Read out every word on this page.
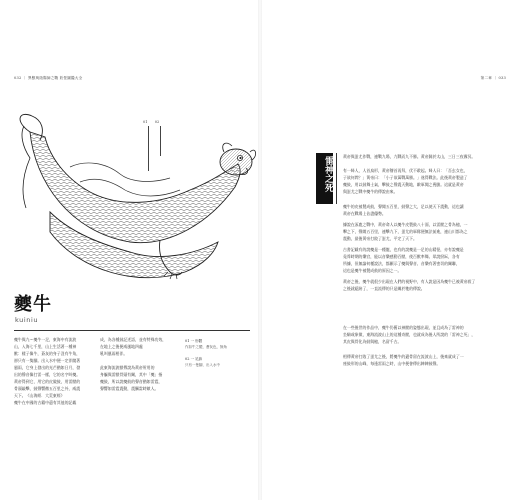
032 ｜ 異獸與陰陽師之戰 妖怪圖鑑大全
01 02
夔牛
kuiniu
夔牛與九～夔牛一足，東海中有流波
山，入海七千里，山上生活著一種神
獸：樣子像牛，蒼灰的身子沒有牛角，
卻只有一隻腳。出入水中便一定伴隨著
風雨，它身上發出的光芒猶如日月，發
出的聲音像打雷一樣，它的名字叫夔。
黃帝得到它，用它的皮做鼓，用雷獸的
骨頭敲擊，鼓聲響徹五百里之外，威震
天下。《山海經．大荒東經》
夔牛在中國的古籍中還有其他的記載
成，為各種鼓記述語，並有特殊功效，
在地上之後便威風地四處
吼叫風雨相伴。
此東海流波獸傳說為黃帝所用的
身軀與雷獸骨頭有關，其中「夔」指
夔鼓，所以說夔鼓的聲音猶如雷霆，
聲響如雷霆震動，震懾當時敵人。
01 一 形體
作如牛之體，蒼灰色，無角
02 一 足跡
只有一隻腳，出入水中
第二章 ｜ 033
雷神之死	黃帝與蚩尤作戰，連戰九場，九戰而九不勝。黃帝歸於太山，三日三夜霧冥。
有一婦人，人首鳥形，黃帝稽首再拜，伏不敢起。婦人曰：「吾玄女也，
子欲何問？」黃帝曰：「小子欲萬戰萬勝。」遂得戰法。此後黃帝製造了
夔鼓，用以鼓舞士氣，擊鼓之聲震天動地，敵軍聞之喪膽。這就是黃帝
與蚩尤之戰中夔牛的傳說由來。
夔牛的皮被製成鼓，聲聞五百里，鼓聲之大，足以使天下震動，這也讓
黃帝在戰場上佔盡優勢。
據說在涿鹿之戰中，黃帝命人以夔牛皮製鼓八十面，以雷獸之骨為槌，一
擊之下，聲聞五百里，連擊九下，蚩尤的軍隊便無法前進，連山川都為之
震動，最後黃帝打敗了蚩尤，平定了天下。
古書記載有的說夔是一種龍，也有的說夔是一足的山精怪，亦有說夔是
堯舜時期的樂官，能以音樂感動百獸，使百獸率舞。眾說紛紜，各有
所據，但無論何種說法，都顯示了夔與聲音、音樂有著密切的關聯，
這也是夔牛被製成鼓的原因之一。
黃帝之後，夔牛就很少出現在人們的視野中，有人說是因為夔牛已被黃帝殺了
之後就絕跡了，一直流傳的只是關於牠的傳說。
在一些後世的作品中，夔牛仍舊以神獸的姿態出現，並且成為了雷神的
坐騎或象徵，東海流波山上的這種奇獸，也就成為後人所說的「雷神之死」，
其皮與骨化為鼓與槌，名留千古。
相傳黃帝打敗了蚩尤之後，將夔牛的遺骨留在流波山上，後來就成了一
座鼓形的山峰，每逢雷雨之時，山中便會傳出陣陣鼓聲。
